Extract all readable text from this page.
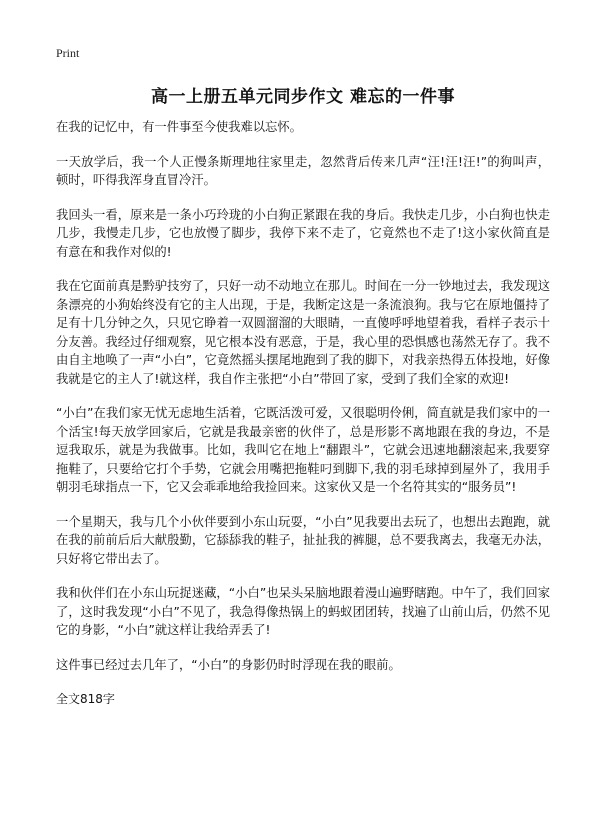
Print
高一上册五单元同步作文 难忘的一件事

在我的记忆中，有一件事至今使我难以忘怀。

一天放学后，我一个人正慢条斯理地往家里走，忽然背后传来几声“汪!汪!汪!”的狗叫声，顿时，吓得我浑身直冒冷汗。

我回头一看，原来是一条小巧玲珑的小白狗正紧跟在我的身后。我快走几步，小白狗也快走几步，我慢走几步，它也放慢了脚步，我停下来不走了，它竟然也不走了!这小家伙简直是有意在和我作对似的!

我在它面前真是黔驴技穷了，只好一动不动地立在那儿。时间在一分一钞地过去，我发现这条漂亮的小狗始终没有它的主人出现，于是，我断定这是一条流浪狗。我与它在原地僵持了足有十几分钟之久，只见它睁着一双圆溜溜的大眼睛，一直傻呼呼地望着我，看样子表示十分友善。我经过仔细观察，见它根本没有恶意，于是，我心里的恐惧感也荡然无存了。我不由自主地唤了一声“小白”，它竟然摇头摆尾地跑到了我的脚下，对我亲热得五体投地，好像我就是它的主人了!就这样，我自作主张把“小白”带回了家，受到了我们全家的欢迎!

“小白”在我们家无忧无虑地生活着，它既活泼可爱，又很聪明伶俐，简直就是我们家中的一个活宝!每天放学回家后，它就是我最亲密的伙伴了，总是形影不离地跟在我的身边，不是逗我取乐，就是为我做事。比如，我叫它在地上“翻跟斗”，它就会迅速地翻滚起来,我要穿拖鞋了，只要给它打个手势，它就会用嘴把拖鞋叼到脚下,我的羽毛球掉到屋外了，我用手朝羽毛球指点一下，它又会乖乖地给我捡回来。这家伙又是一个名符其实的“服务员”!

一个星期天，我与几个小伙伴要到小东山玩耍，“小白”见我要出去玩了，也想出去跑跑，就在我的前前后后大献殷勤，它舔舔我的鞋子，扯扯我的裤腿，总不要我离去，我毫无办法，只好将它带出去了。

我和伙伴们在小东山玩捉迷藏，“小白”也呆头呆脑地跟着漫山遍野瞎跑。中午了，我们回家了，这时我发现“小白”不见了，我急得像热锅上的蚂蚁团团转，找遍了山前山后，仍然不见它的身影，“小白”就这样让我给弄丢了!

这件事已经过去几年了，“小白”的身影仍时时浮现在我的眼前。

全文818字
